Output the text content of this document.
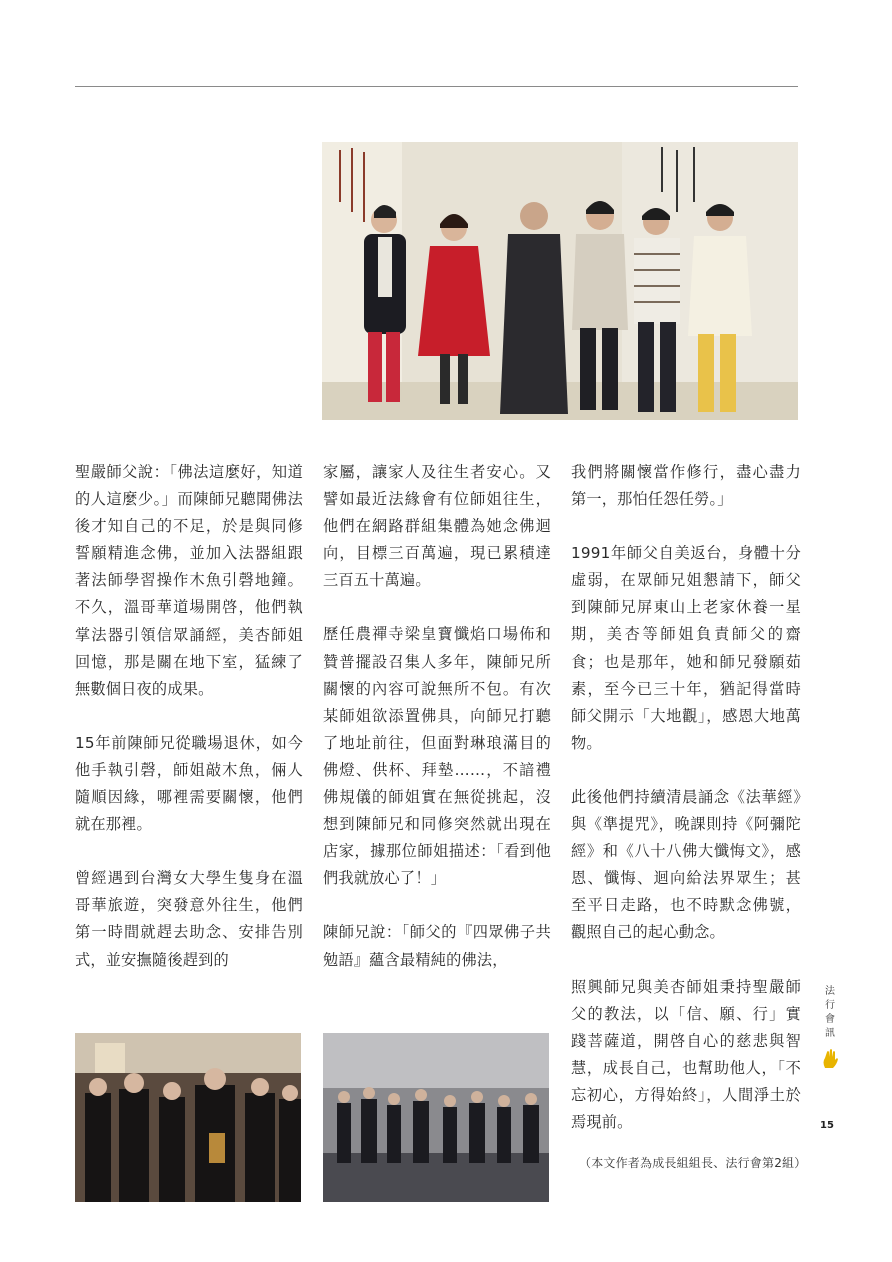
聖嚴師父說：「佛法這麼好，知道的人這麼少。」而陳師兄聽聞佛法後才知自己的不足，於是與同修誓願精進念佛，並加入法器組跟著法師學習操作木魚引磬地鐘。不久，溫哥華道場開啓，他們執掌法器引領信眾誦經，美杏師姐回憶，那是關在地下室，猛練了無數個日夜的成果。

15年前陳師兄從職場退休，如今他手執引磬，師姐敲木魚，倆人隨順因緣，哪裡需要關懷，他們就在那裡。

曾經遇到台灣女大學生隻身在溫哥華旅遊，突發意外往生，他們第一時間就趕去助念、安排告別式，並安撫隨後趕到的

家屬，讓家人及往生者安心。又譬如最近法緣會有位師姐往生，他們在網路群組集體為她念佛迴向，目標三百萬遍，現已累積達三百五十萬遍。

歷任農禪寺梁皇寶懺焰口場佈和贊普擺設召集人多年，陳師兄所關懷的內容可說無所不包。有次某師姐欲添置佛具，向師兄打聽了地址前往，但面對琳琅滿目的佛燈、供杯、拜墊……，不諳禮佛規儀的師姐實在無從挑起，沒想到陳師兄和同修突然就出現在店家，據那位師姐描述：「看到他們我就放心了！」

陳師兄說：「師父的『四眾佛子共勉語』蘊含最精純的佛法，

我們將關懷當作修行，盡心盡力第一，那怕任怨任勞。」

1991年師父自美返台，身體十分虛弱，在眾師兄姐懇請下，師父到陳師兄屏東山上老家休養一星期，美杏等師姐負責師父的齋食；也是那年，她和師兄發願茹素，至今已三十年，猶記得當時師父開示「大地觀」，感恩大地萬物。

此後他們持續清晨誦念《法華經》與《準提咒》，晚課則持《阿彌陀經》和《八十八佛大懺悔文》，感恩、懺悔、迴向給法界眾生；甚至平日走路，也不時默念佛號，觀照自己的起心動念。

照興師兄與美杏師姐秉持聖嚴師父的教法，以「信、願、行」實踐菩薩道，開啓自心的慈悲與智慧，成長自己，也幫助他人，「不忘初心，方得始終」，人間淨土於焉現前。

（本文作者為成長組組長、法行會第2組）
法
行
會
訊
15
